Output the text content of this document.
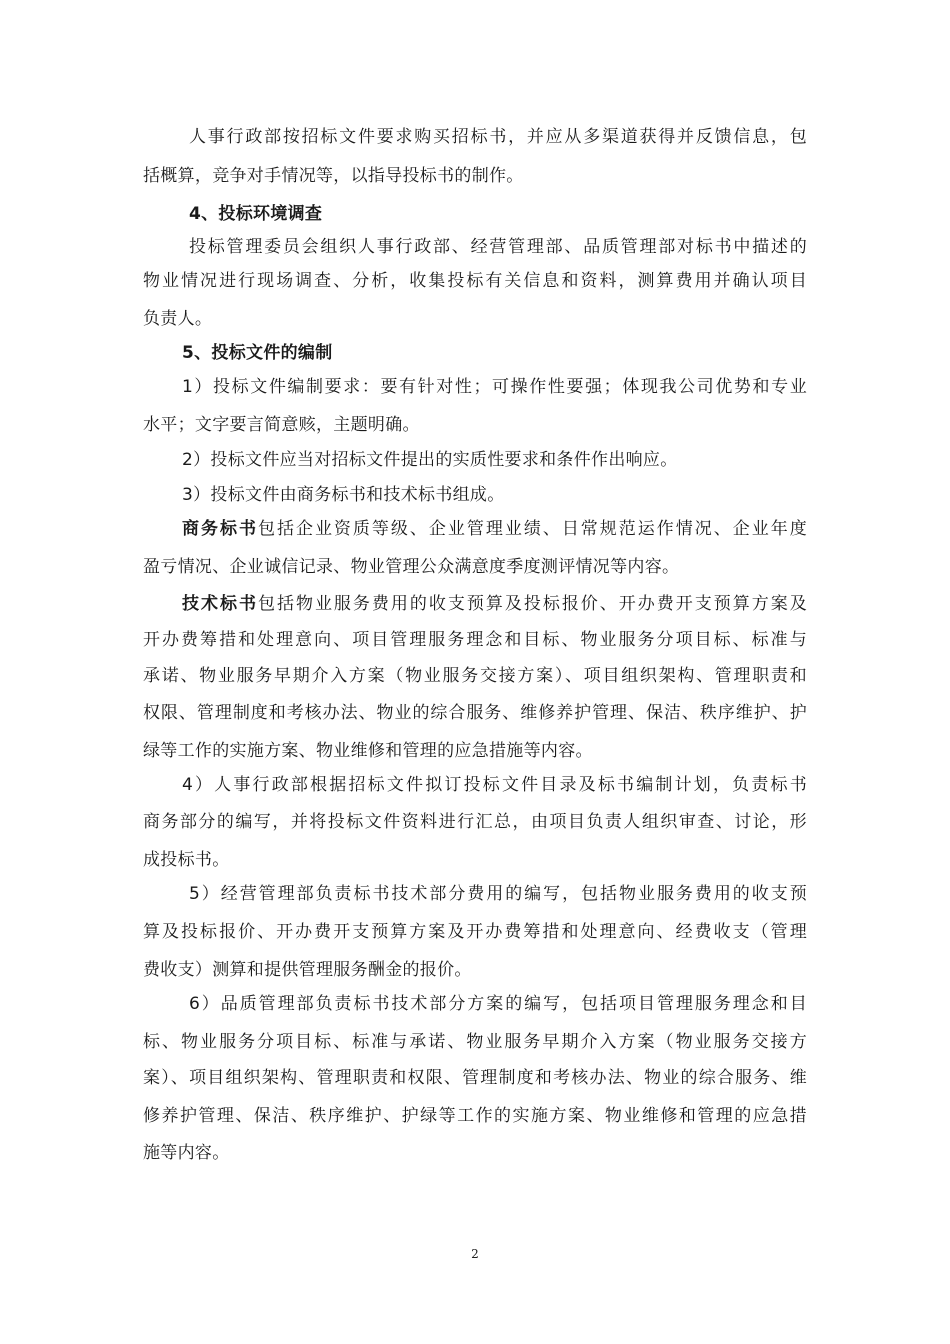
人事行政部按招标文件要求购买招标书，并应从多渠道获得并反馈信息，包
括概算，竞争对手情况等，以指导投标书的制作。
4、投标环境调查
投标管理委员会组织人事行政部、经营管理部、品质管理部对标书中描述的
物业情况进行现场调查、分析，收集投标有关信息和资料，测算费用并确认项目
负责人。
5、投标文件的编制
1）投标文件编制要求：要有针对性；可操作性要强；体现我公司优势和专业
水平；文字要言简意赅，主题明确。
2）投标文件应当对招标文件提出的实质性要求和条件作出响应。
3）投标文件由商务标书和技术标书组成。
商务标书包括企业资质等级、企业管理业绩、日常规范运作情况、企业年度
盈亏情况、企业诚信记录、物业管理公众满意度季度测评情况等内容。
技术标书包括物业服务费用的收支预算及投标报价、开办费开支预算方案及
开办费筹措和处理意向、项目管理服务理念和目标、物业服务分项目标、标准与
承诺、物业服务早期介入方案（物业服务交接方案）、项目组织架构、管理职责和
权限、管理制度和考核办法、物业的综合服务、维修养护管理、保洁、秩序维护、护
绿等工作的实施方案、物业维修和管理的应急措施等内容。
4）人事行政部根据招标文件拟订投标文件目录及标书编制计划，负责标书
商务部分的编写，并将投标文件资料进行汇总，由项目负责人组织审查、讨论，形
成投标书。
5）经营管理部负责标书技术部分费用的编写，包括物业服务费用的收支预
算及投标报价、开办费开支预算方案及开办费筹措和处理意向、经费收支（管理
费收支）测算和提供管理服务酬金的报价。
6）品质管理部负责标书技术部分方案的编写，包括项目管理服务理念和目
标、物业服务分项目标、标准与承诺、物业服务早期介入方案（物业服务交接方
案）、项目组织架构、管理职责和权限、管理制度和考核办法、物业的综合服务、维
修养护管理、保洁、秩序维护、护绿等工作的实施方案、物业维修和管理的应急措
施等内容。
2
